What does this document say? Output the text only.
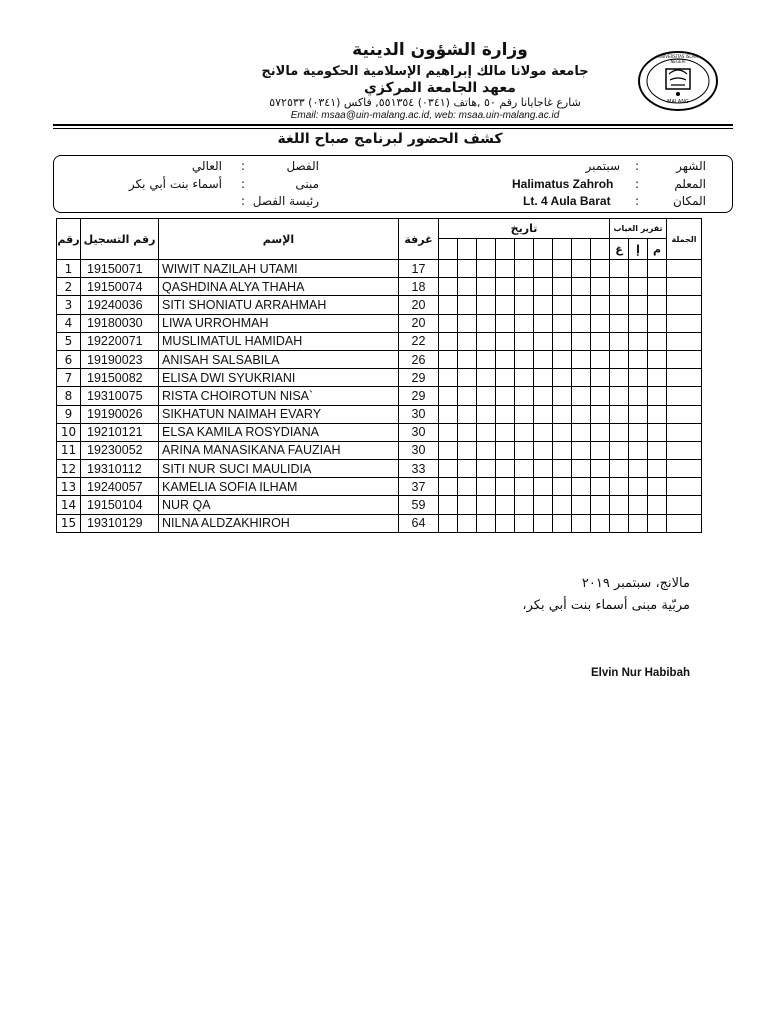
UNIVERSITAS ISLAM NEGERI
MALANG
وزارة الشؤون الدينية
جامعة مولانا مالك إبراهيم الإسلامية الحكومية مالانج
معهد الجامعة المركزي
شارع غاجايانا رقم ٥٠ ,هاتف (٠٣٤١) ٥٥١٣٥٤, فاكس (٠٣٤١) ٥٧٢٥٣٣
Email: msaa@uin-malang.ac.id, web: msaa.uin-malang.ac.id
كشف الحضور لبرنامج صباح اللغة
الشهر
:
سبتمبر
المعلم
:
Halimatus Zahroh
المكان
:
Lt. 4 Aula Barat
الفصل
:
العالي
مبنى
:
أسماء بنت أبي بكر
رئيسة الفصل
:
رقم	رقم التسجيل	الإسم	غرفة	تاريخ									تقرير الغياب			الجملة
													غ	إ	م	
1	19150071	WIWIT NAZILAH UTAMI	17													
2	19150074	QASHDINA ALYA THAHA	18													
3	19240036	SITI SHONIATU ARRAHMAH	20													
4	19180030	LIWA URROHMAH	20													
5	19220071	MUSLIMATUL HAMIDAH	22													
6	19190023	ANISAH SALSABILA	26													
7	19150082	ELISA DWI SYUKRIANI	29													
8	19310075	RISTA CHOIROTUN NISA`	29													
9	19190026	SIKHATUN NAIMAH EVARY	30													
10	19210121	ELSA KAMILA ROSYDIANA	30													
11	19230052	ARINA MANASIKANA FAUZIAH	30													
12	19310112	SITI NUR SUCI MAULIDIA	33													
13	19240057	KAMELIA SOFIA ILHAM	37													
14	19150104	NUR QA	59													
15	19310129	NILNA ALDZAKHIROH	64													
مالانج، سبتمبر ٢٠١٩
مربّية مبنى أسماء بنت أبي بكر،
Elvin Nur Habibah
